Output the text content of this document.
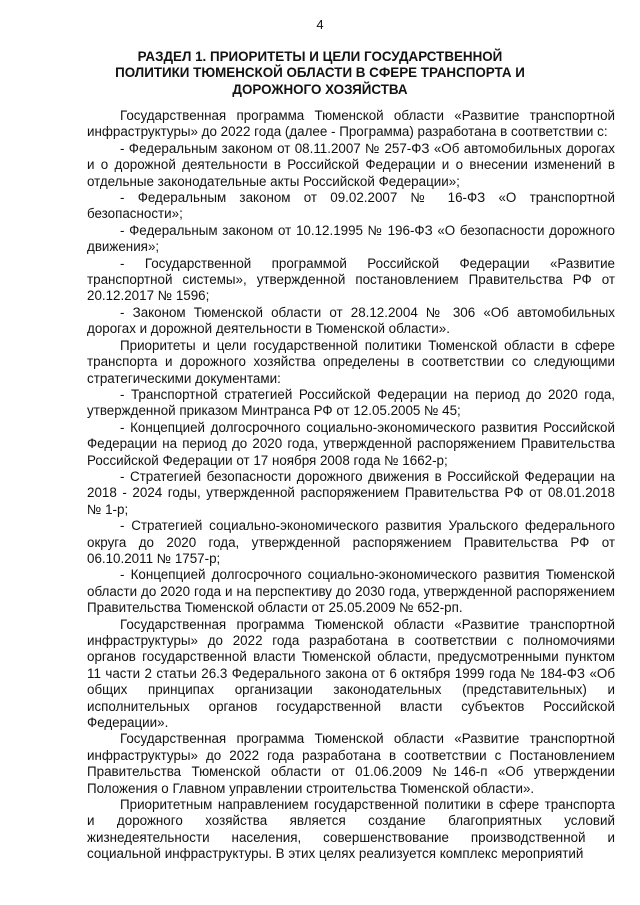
4
РАЗДЕЛ 1. ПРИОРИТЕТЫ И ЦЕЛИ ГОСУДАРСТВЕННОЙ ПОЛИТИКИ ТЮМЕНСКОЙ ОБЛАСТИ В СФЕРЕ ТРАНСПОРТА И ДОРОЖНОГО ХОЗЯЙСТВА

Государственная программа Тюменской области «Развитие транспортной инфраструктуры» до 2022 года (далее - Программа) разработана в соответствии с:

- Федеральным законом от 08.11.2007 № 257-ФЗ «Об автомобильных дорогах и о дорожной деятельности в Российской Федерации и о внесении изменений в отдельные законодательные акты Российской Федерации»;

- Федеральным законом от 09.02.2007 № 16-ФЗ «О транспортной безопасности»;

- Федеральным законом от 10.12.1995 № 196-ФЗ «О безопасности дорожного движения»;

- Государственной программой Российской Федерации «Развитие транспортной системы», утвержденной постановлением Правительства РФ от 20.12.2017 № 1596;

- Законом Тюменской области от 28.12.2004 № 306 «Об автомобильных дорогах и дорожной деятельности в Тюменской области».

Приоритеты и цели государственной политики Тюменской области в сфере транспорта и дорожного хозяйства определены в соответствии со следующими стратегическими документами:

- Транспортной стратегией Российской Федерации на период до 2020 года, утвержденной приказом Минтранса РФ от 12.05.2005 № 45;

- Концепцией долгосрочного социально-экономического развития Российской Федерации на период до 2020 года, утвержденной распоряжением Правительства Российской Федерации от 17 ноября 2008 года № 1662-р;

- Стратегией безопасности дорожного движения в Российской Федерации на 2018 - 2024 годы, утвержденной распоряжением Правительства РФ от 08.01.2018 № 1-р;

- Стратегией социально-экономического развития Уральского федерального округа до 2020 года, утвержденной распоряжением Правительства РФ от 06.10.2011 № 1757-р;

- Концепцией долгосрочного социально-экономического развития Тюменской области до 2020 года и на перспективу до 2030 года, утвержденной распоряжением Правительства Тюменской области от 25.05.2009 № 652-рп.

Государственная программа Тюменской области «Развитие транспортной инфраструктуры» до 2022 года разработана в соответствии с полномочиями органов государственной власти Тюменской области, предусмотренными пунктом 11 части 2 статьи 26.3 Федерального закона от 6 октября 1999 года № 184-ФЗ «Об общих принципах организации законодательных (представительных) и исполнительных органов государственной власти субъектов Российской Федерации».

Государственная программа Тюменской области «Развитие транспортной инфраструктуры» до 2022 года разработана в соответствии с Постановлением Правительства Тюменской области от 01.06.2009 №146-п «Об утверждении Положения о Главном управлении строительства Тюменской области».

Приоритетным направлением государственной политики в сфере транспорта и дорожного хозяйства является создание благоприятных условий жизнедеятельности населения, совершенствование производственной и социальной инфраструктуры. В этих целях реализуется комплекс мероприятий
